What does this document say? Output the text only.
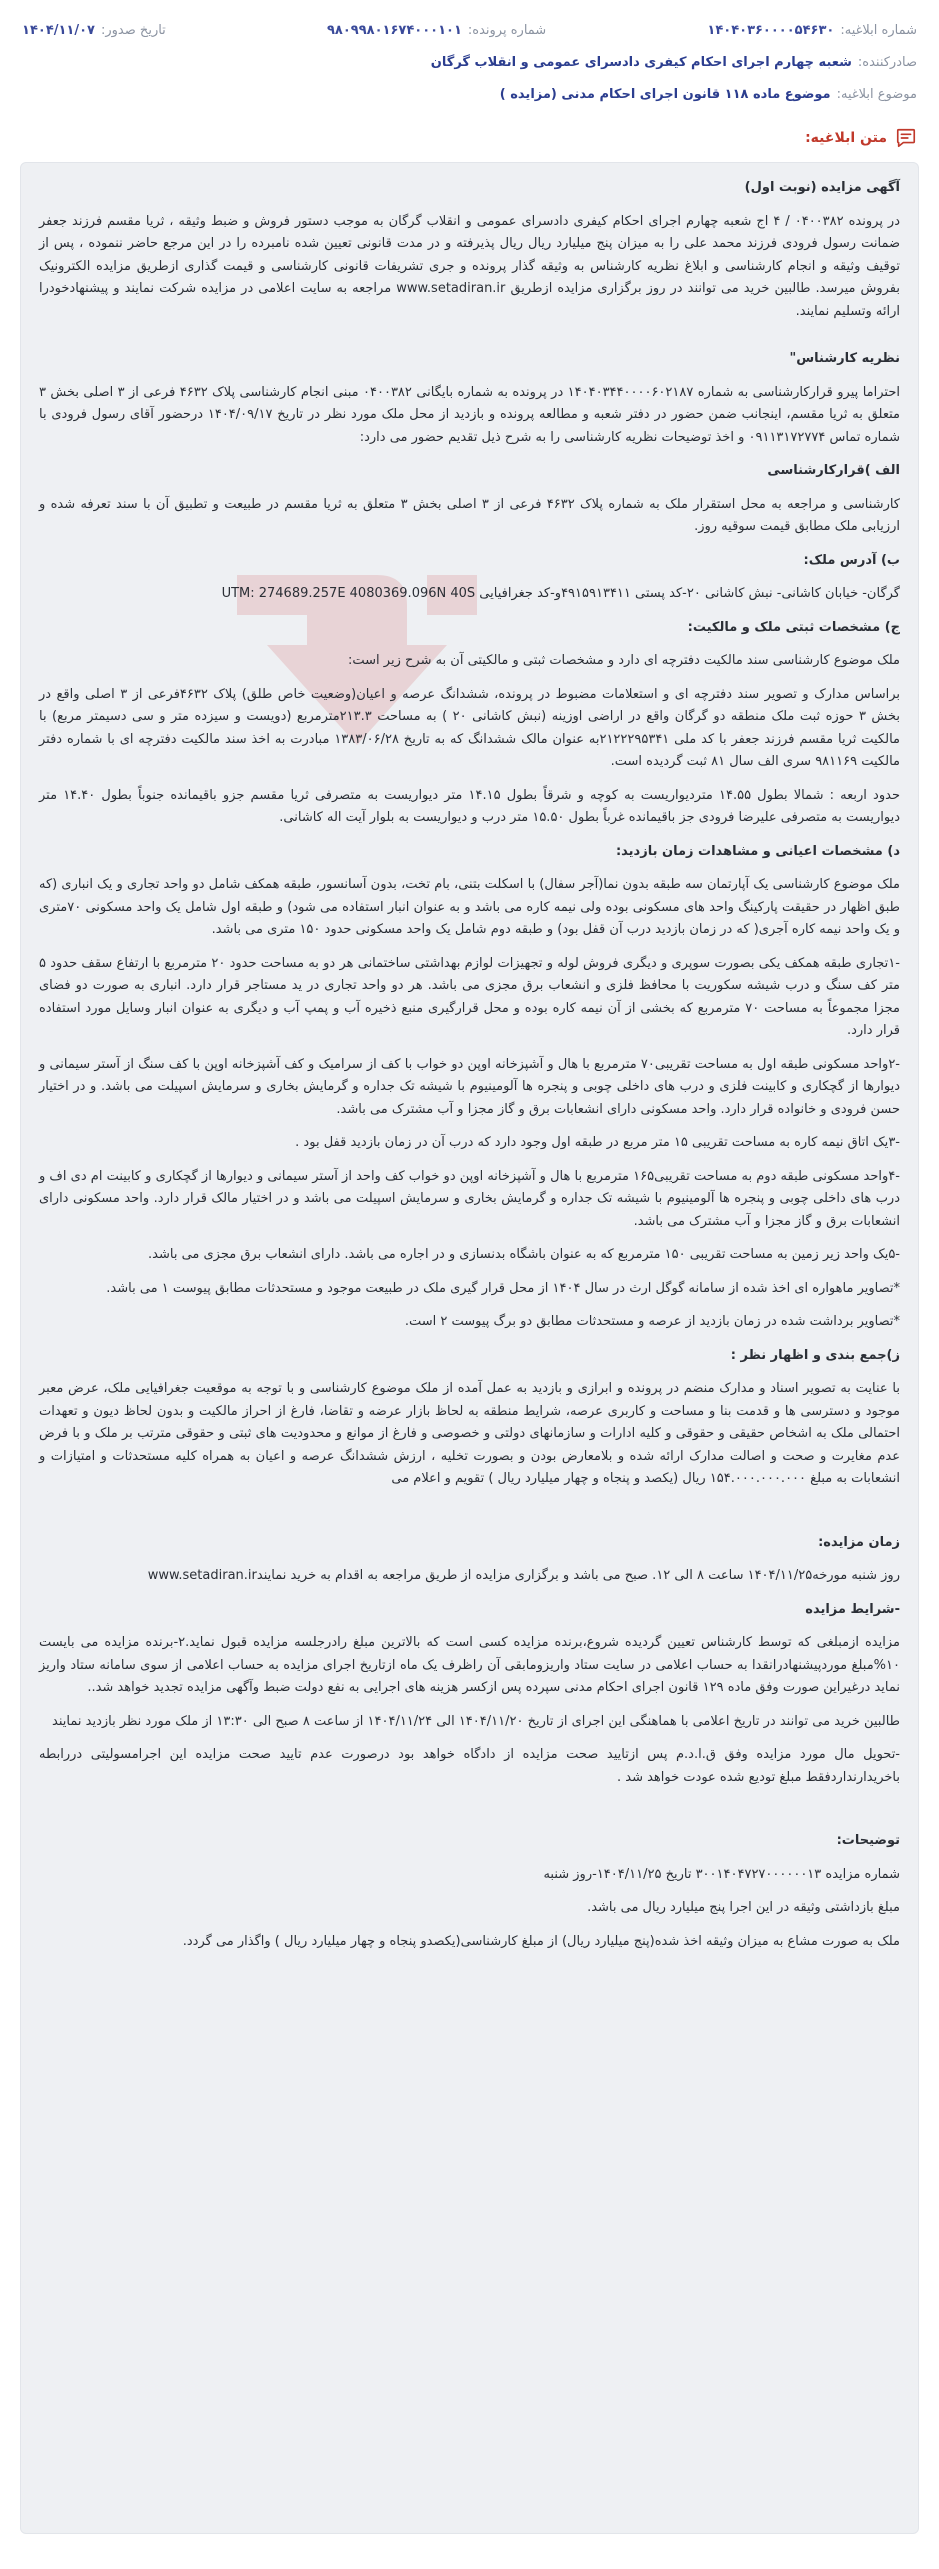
شماره ابلاغیه:
۱۴۰۴۰۳۶۰۰۰۰۵۴۶۳۰
شماره پرونده:
۹۸۰۹۹۸۰۱۶۷۴۰۰۰۱۰۱
تاریخ صدور:
۱۴۰۴/۱۱/۰۷
صادرکننده:
شعبه چهارم اجرای احکام کیفری دادسرای عمومی و انقلاب گرگان
موضوع ابلاغیه:
موضوع ماده ۱۱۸ قانون اجرای احکام مدنی (مزایده )
متن ابلاغیه:

آگهی مزایده (نوبت اول)

در پرونده ۰۴۰۰۳۸۲ / ۴ اج شعبه چهارم اجرای احکام کیفری دادسرای عمومی و انقلاب گرگان به موجب دستور فروش و ضبط وثیقه ، ثریا مقسم فرزند جعفر ضمانت رسول فرودی فرزند محمد علی را به میزان پنج میلیارد ریال ریال پذیرفته و در مدت قانونی تعیین شده نامبرده را در این مرجع حاضر ننموده ، پس از توقیف وثیقه و انجام کارشناسی و ابلاغ نظریه کارشناس به وثیقه گذار پرونده و جری تشریفات قانونی کارشناسی و قیمت گذاری ازطریق مزایده الکترونیک بفروش میرسد. طالبین خرید می توانند در روز برگزاری مزایده ازطریق www.setadiran.ir مراجعه به سایت اعلامی در مزایده شرکت نمایند و پیشنهادخودرا ارائه وتسلیم نمایند.

نظریه کارشناس"

احتراما پیرو قرارکارشناسی به شماره ۱۴۰۴۰۳۴۴۰۰۰۰۶۰۲۱۸۷ در پرونده به شماره بایگانی ۰۴۰۰۳۸۲ مبنی انجام کارشناسی پلاک ۴۶۳۲ فرعی از ۳ اصلی بخش ۳ متعلق به ثریا مقسم، اینجانب ضمن حضور در دفتر شعبه و مطالعه پرونده و بازدید از محل ملک مورد نظر در تاریخ ۱۴۰۴/۰۹/۱۷ درحضور آقای رسول فرودی با شماره تماس ۰۹۱۱۳۱۷۲۷۷۴ و اخذ توضیحات نظریه کارشناسی را به شرح ذیل تقدیم حضور می دارد:

الف )قرارکارشناسی

کارشناسی و مراجعه به محل استقرار ملک به شماره پلاک ۴۶۳۲ فرعی از ۳ اصلی بخش ۳ متعلق به ثریا مقسم در طبیعت و تطبیق آن با سند تعرفه شده و ارزیابی ملک مطابق قیمت سوقیه روز.

ب) آدرس ملک:

گرگان- خیابان کاشانی- نبش کاشانی ۲۰-کد پستی ۴۹۱۵۹۱۳۴۱۱و-کد جغرافیایی UTM: 274689.257E 4080369.096N 40S

ج) مشخصات ثبتی ملک و مالکیت:

ملک موضوع کارشناسی سند مالکیت دفترچه ای دارد و مشخصات ثبتی و مالکیتی آن به شرح زیر است:

براساس مدارک و تصویر سند دفترچه ای و استعلامات مضبوط در پرونده، ششدانگ عرصه و اعیان(وضعیت خاص طلق) پلاک ۴۶۳۲فرعی از ۳ اصلی واقع در بخش ۳ حوزه ثبت ملک منطقه دو گرگان واقع در اراضی اوزینه (نبش کاشانی ۲۰ ) به مساحت ۲۱۳.۳مترمربع (دویست و سیزده متر و سی دسیمتر مربع) با مالکیت ثریا مقسم فرزند جعفر با کد ملی ۲۱۲۲۲۹۵۳۴۱به عنوان مالک ششدانگ که به تاریخ ۱۳۸۳/۰۶/۲۸ مبادرت به اخذ سند مالکیت دفترچه ای با شماره دفتر مالکیت ۹۸۱۱۶۹ سری الف سال ۸۱ ثبت گردیده است.

حدود اربعه : شمالا بطول ۱۴.۵۵ متردیواریست به کوچه و شرقاً بطول ۱۴.۱۵ متر دیواریست به متصرفی ثریا مقسم جزو باقیمانده جنوباً بطول ۱۴.۴۰ متر دیواریست به متصرفی علیرضا فرودی جز باقیمانده غرباً بطول ۱۵.۵۰ متر درب و دیواریست به بلوار آیت اله کاشانی.

د) مشخصات اعیانی و مشاهدات زمان بازدید:

ملک موضوع کارشناسی یک آپارتمان سه طبقه بدون نما(آجر سفال) با اسکلت بتنی، بام تخت، بدون آسانسور، طبقه همکف شامل دو واحد تجاری و یک انباری (که طبق اظهار در حقیقت پارکینگ واحد های مسکونی بوده ولی نیمه کاره می باشد و به عنوان انبار استفاده می شود) و طبقه اول شامل یک واحد مسکونی ۷۰متری و یک واحد نیمه کاره آجری( که در زمان بازدید درب آن قفل بود) و طبقه دوم شامل یک واحد مسکونی حدود ۱۵۰ متری می باشد.

-۱تجاری طبقه همکف یکی بصورت سوپری و دیگری فروش لوله و تجهیزات لوازم بهداشتی ساختمانی هر دو به مساحت حدود ۲۰ مترمربع با ارتفاع سقف حدود ۵ متر کف سنگ و درب شیشه سکوریت با محافظ فلزی و انشعاب برق مجزی می باشد. هر دو واحد تجاری در ید مستاجر قرار دارد. انباری به صورت دو فضای مجزا مجموعاً به مساحت ۷۰ مترمربع که بخشی از آن نیمه کاره بوده و محل قرارگیری منبع ذخیره آب و پمپ آب و دیگری به عنوان انبار وسایل مورد استفاده قرار دارد.

-۲واحد مسکونی طبقه اول به مساحت تقریبی۷۰ مترمربع با هال و آشپزخانه اوپن دو خواب با کف از سرامیک و کف آشپزخانه اوپن با کف سنگ از آستر سیمانی و دیوارها از گچکاری و کابینت فلزی و درب های داخلی چوبی و پنجره ها آلومینیوم با شیشه تک جداره و گرمایش بخاری و سرمایش اسپیلت می باشد. و در اختیار حسن فرودی و خانواده قرار دارد. واحد مسکونی دارای انشعابات برق و گاز مجزا و آب مشترک می باشد.

-۳یک اتاق نیمه کاره به مساحت تقریبی ۱۵ متر مربع در طبقه اول وجود دارد که درب آن در زمان بازدید قفل بود .

-۴واحد مسکونی طبقه دوم به مساحت تقریبی۱۶۵ مترمربع با هال و آشپزخانه اوپن دو خواب کف واحد از آستر سیمانی و دیوارها از گچکاری و کابینت ام دی اف و درب های داخلی چوبی و پنجره ها آلومینیوم با شیشه تک جداره و گرمایش بخاری و سرمایش اسپیلت می باشد و در اختیار مالک قرار دارد. واحد مسکونی دارای انشعابات برق و گاز مجزا و آب مشترک می باشد.

-۵یک واحد زیر زمین به مساحت تقریبی ۱۵۰ مترمربع که به عنوان باشگاه بدنسازی و در اجاره می باشد. دارای انشعاب برق مجزی می باشد.

*تصاویر ماهواره ای اخذ شده از سامانه گوگل ارث در سال ۱۴۰۴ از محل قرار گیری ملک در طبیعت موجود و مستحدثات مطابق پیوست ۱ می باشد.

*تصاویر برداشت شده در زمان بازدید از عرصه و مستحدثات مطابق دو برگ پیوست ۲ است.

ز)جمع بندی و اظهار نظر :

با عنایت به تصویر اسناد و مدارک منضم در پرونده و ابرازی و بازدید به عمل آمده از ملک موضوع کارشناسی و با توجه به موقعیت جغرافیایی ملک، عرض معبر موجود و دسترسی ها و قدمت بنا و مساحت و کاربری عرصه، شرایط منطقه به لحاظ بازار عرضه و تقاضا، فارغ از احراز مالکیت و بدون لحاظ دیون و تعهدات احتمالی ملک به اشخاص حقیقی و حقوقی و کلیه ادارات و سازمانهای دولتی و خصوصی و فارغ از موانع و محدودیت های ثبتی و حقوقی مترتب بر ملک و با فرض عدم مغایرت و صحت و اصالت مدارک ارائه شده و بلامعارض بودن و بصورت تخلیه ، ارزش ششدانگ عرصه و اعیان به همراه کلیه مستحدثات و امتیازات و انشعابات به مبلغ ۱۵۴.۰۰۰.۰۰۰.۰۰۰ ریال (یکصد و پنجاه و چهار میلیارد ریال ) تقویم و اعلام می

زمان مزایده:

روز شنبه مورخه۱۴۰۴/۱۱/۲۵ ساعت ۸ الی ۱۲. صبح می باشد و برگزاری مزایده از طریق مراجعه به اقدام به خرید نمایندwww.setadiran.ir

-شرایط مزایده

مزایده ازمبلغی که توسط کارشناس تعیین گردیده شروع،برنده مزایده کسی است که بالاترین مبلغ رادرجلسه مزایده قبول نماید.۲-برنده مزایده می بایست ۱۰%مبلغ موردپیشنهادرانقدا به حساب اعلامی در سایت ستاد واریزومابقی آن راظرف یک ماه ازتاریخ اجرای مزایده به حساب اعلامی از سوی سامانه ستاد واریز نماید درغیراین صورت وفق ماده ۱۲۹ قانون اجرای احکام مدنی سپرده پس ازکسر هزینه های اجرایی به نفع دولت ضبط وآگهی مزایده تجدید خواهد شد..

طالبین خرید می توانند در تاریخ اعلامی با هماهنگی این اجرای از تاریخ ۱۴۰۴/۱۱/۲۰ الی ۱۴۰۴/۱۱/۲۴ از ساعت ۸ صبح الی ۱۳:۳۰ از ملک مورد نظر بازدید نمایند

-تحویل مال مورد مزایده وفق ق.ا.د.م پس ازتایید صحت مزایده از دادگاه خواهد بود درصورت عدم تایید صحت مزایده این اجرامسولیتی دررابطه باخریدارنداردفقط مبلغ تودیع شده عودت خواهد شد .

توضیحات:

شماره مزایده ۳۰۰۱۴۰۴۷۲۷۰۰۰۰۰۰۱۳ تاریخ ۱۴۰۴/۱۱/۲۵-روز شنبه

مبلغ بازداشتی وثیقه در این اجرا پنج میلیارد ریال می باشد.

ملک به صورت مشاع به میزان وثیقه اخذ شده(پنج میلیارد ریال) از مبلغ کارشناسی(یکصدو پنجاه و چهار میلیارد ریال ) واگذار می گردد.
